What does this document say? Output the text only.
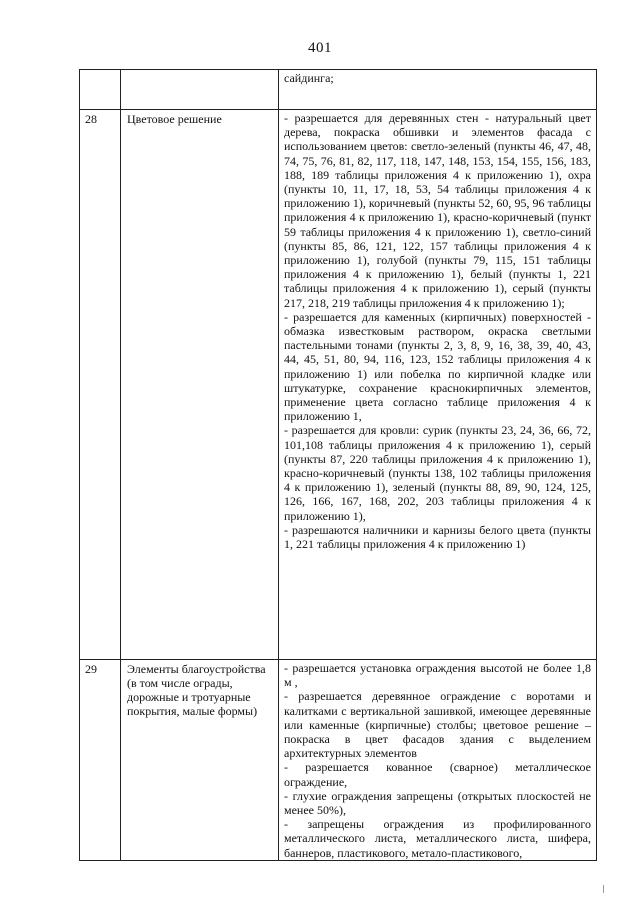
401

		сайдинга;

28	Цветовое решение	- разрешается для деревянных стен - натуральный цвет дерева, покраска обшивки и элементов фасада с использованием цветов: светло-зеленый (пункты 46, 47, 48, 74, 75, 76, 81, 82, 117, 118, 147, 148, 153, 154, 155, 156, 183, 188, 189 таблицы приложения 4 к приложению 1), охра (пункты 10, 11, 17, 18, 53, 54 таблицы приложения 4 к приложению 1), коричневый (пункты 52, 60, 95, 96 таблицы приложения 4 к приложению 1), красно-коричневый (пункт 59 таблицы приложения 4 к приложению 1), светло-синий (пункты 85, 86, 121, 122, 157 таблицы приложения 4 к приложению 1), голубой (пункты 79, 115, 151 таблицы приложения 4 к приложению 1), белый (пункты 1, 221 таблицы приложения 4 к приложению 1), серый (пункты 217, 218, 219 таблицы приложения 4 к приложению 1);

- разрешается для каменных (кирпичных) поверхностей - обмазка известковым раствором, окраска светлыми пастельными тонами (пункты 2, 3, 8, 9, 16, 38, 39, 40, 43, 44, 45, 51, 80, 94, 116, 123, 152 таблицы приложения 4 к приложению 1) или побелка по кирпичной кладке или штукатурке, сохранение краснокирпичных элементов, применение цвета согласно таблице приложения 4 к приложению 1,

- разрешается для кровли: сурик (пункты 23, 24, 36, 66, 72, 101,108 таблицы приложения 4 к приложению 1), серый (пункты 87, 220 таблицы приложения 4 к приложению 1), красно-коричневый (пункты 138, 102 таблицы приложения 4 к приложению 1), зеленый (пункты 88, 89, 90, 124, 125, 126, 166, 167, 168, 202, 203 таблицы приложения 4 к приложению 1),

- разрешаются наличники и карнизы белого цвета (пункты 1, 221 таблицы приложения 4 к приложению 1)

29	Элементы благоустройства (в том числе ограды, дорожные и тротуарные покрытия, малые формы)	- разрешается установка ограждения высотой не более 1,8 м ,

- разрешается деревянное ограждение с воротами и калитками с вертикальной зашивкой, имеющее деревянные или каменные (кирпичные) столбы; цветовое решение – покраска в цвет фасадов здания с выделением архитектурных элементов

- разрешается кованное (сварное) металлическое ограждение,

- глухие ограждения запрещены (открытых плоскостей не менее 50%),

- запрещены ограждения из профилированного металлического листа, металлического листа, шифера, баннеров, пластикового, метало-пластикового,
